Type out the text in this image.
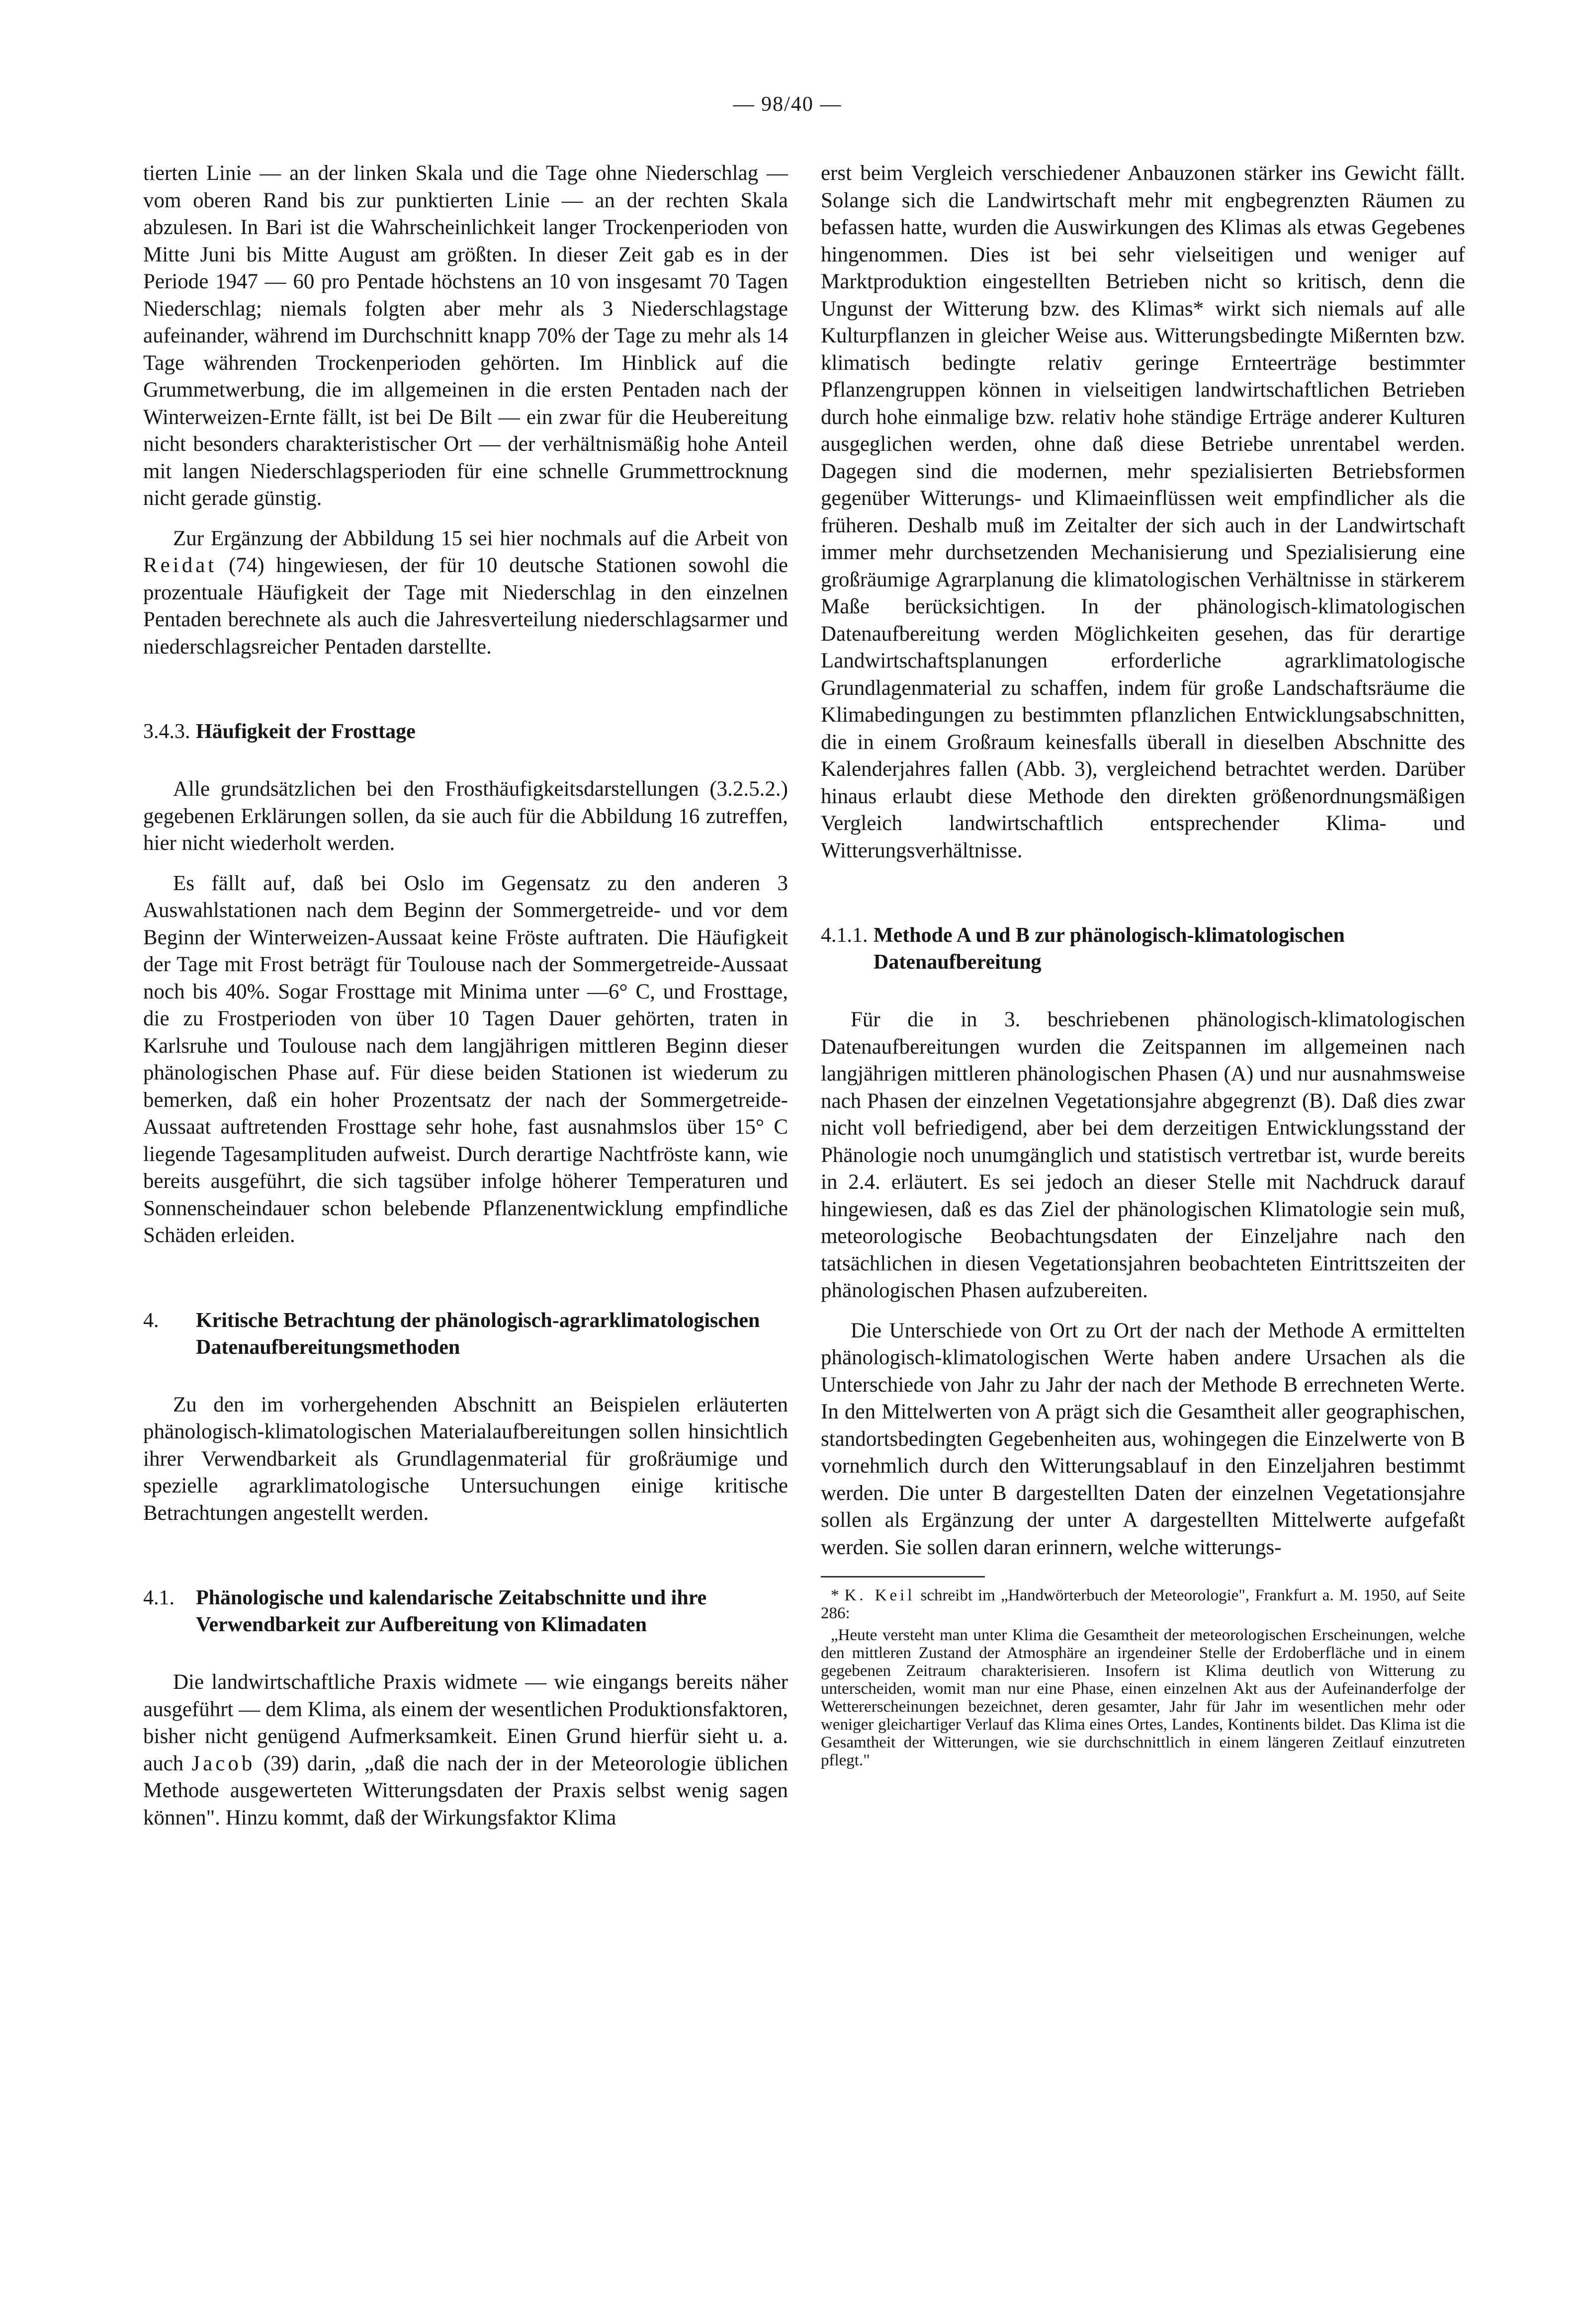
— 98/40 —

tierten Linie — an der linken Skala und die Tage ohne Niederschlag — vom oberen Rand bis zur punktierten Linie — an der rechten Skala abzulesen. In Bari ist die Wahrscheinlichkeit langer Trockenperioden von Mitte Juni bis Mitte August am größten. In dieser Zeit gab es in der Periode 1947 — 60 pro Pentade höchstens an 10 von insgesamt 70 Tagen Niederschlag; niemals folgten aber mehr als 3 Niederschlagstage aufeinander, während im Durchschnitt knapp 70% der Tage zu mehr als 14 Tage währenden Trockenperioden gehörten. Im Hinblick auf die Grummetwerbung, die im allgemeinen in die ersten Pentaden nach der Winterweizen-Ernte fällt, ist bei De Bilt — ein zwar für die Heubereitung nicht besonders charakteristischer Ort — der verhältnismäßig hohe Anteil mit langen Niederschlagsperioden für eine schnelle Grummettrocknung nicht gerade günstig.

Zur Ergänzung der Abbildung 15 sei hier nochmals auf die Arbeit von Reidat (74) hingewiesen, der für 10 deutsche Stationen sowohl die prozentuale Häufigkeit der Tage mit Niederschlag in den einzelnen Pentaden berechnete als auch die Jahresverteilung niederschlagsarmer und niederschlagsreicher Pentaden darstellte.

3.4.3. Häufigkeit der Frosttage

Alle grundsätzlichen bei den Frosthäufigkeitsdarstellungen (3.2.5.2.) gegebenen Erklärungen sollen, da sie auch für die Abbildung 16 zutreffen, hier nicht wiederholt werden.

Es fällt auf, daß bei Oslo im Gegensatz zu den anderen 3 Auswahlstationen nach dem Beginn der Sommergetreide- und vor dem Beginn der Winterweizen-Aussaat keine Fröste auftraten. Die Häufigkeit der Tage mit Frost beträgt für Toulouse nach der Sommergetreide-Aussaat noch bis 40%. Sogar Frosttage mit Minima unter —6° C, und Frosttage, die zu Frostperioden von über 10 Tagen Dauer gehörten, traten in Karlsruhe und Toulouse nach dem langjährigen mittleren Beginn dieser phänologischen Phase auf. Für diese beiden Stationen ist wiederum zu bemerken, daß ein hoher Prozentsatz der nach der Sommergetreide-Aussaat auftretenden Frosttage sehr hohe, fast ausnahmslos über 15° C liegende Tagesamplituden aufweist. Durch derartige Nachtfröste kann, wie bereits ausgeführt, die sich tagsüber infolge höherer Temperaturen und Sonnenscheindauer schon belebende Pflanzenentwicklung empfindliche Schäden erleiden.

4. Kritische Betrachtung der phänologisch-agrarklimatologischen Datenaufbereitungsmethoden

Zu den im vorhergehenden Abschnitt an Beispielen erläuterten phänologisch-klimatologischen Materialaufbereitungen sollen hinsichtlich ihrer Verwendbarkeit als Grundlagenmaterial für großräumige und spezielle agrarklimatologische Untersuchungen einige kritische Betrachtungen angestellt werden.

4.1. Phänologische und kalendarische Zeitabschnitte und ihre Verwendbarkeit zur Aufbereitung von Klimadaten

Die landwirtschaftliche Praxis widmete — wie eingangs bereits näher ausgeführt — dem Klima, als einem der wesentlichen Produktionsfaktoren, bisher nicht genügend Aufmerksamkeit. Einen Grund hierfür sieht u. a. auch Jacob (39) darin, „daß die nach der in der Meteorologie üblichen Methode ausgewerteten Witterungsdaten der Praxis selbst wenig sagen können". Hinzu kommt, daß der Wirkungsfaktor Klima

erst beim Vergleich verschiedener Anbauzonen stärker ins Gewicht fällt. Solange sich die Landwirtschaft mehr mit engbegrenzten Räumen zu befassen hatte, wurden die Auswirkungen des Klimas als etwas Gegebenes hingenommen. Dies ist bei sehr vielseitigen und weniger auf Marktproduktion eingestellten Betrieben nicht so kritisch, denn die Ungunst der Witterung bzw. des Klimas* wirkt sich niemals auf alle Kulturpflanzen in gleicher Weise aus. Witterungsbedingte Mißernten bzw. klimatisch bedingte relativ geringe Ernteerträge bestimmter Pflanzengruppen können in vielseitigen landwirtschaftlichen Betrieben durch hohe einmalige bzw. relativ hohe ständige Erträge anderer Kulturen ausgeglichen werden, ohne daß diese Betriebe unrentabel werden. Dagegen sind die modernen, mehr spezialisierten Betriebsformen gegenüber Witterungs- und Klimaeinflüssen weit empfindlicher als die früheren. Deshalb muß im Zeitalter der sich auch in der Landwirtschaft immer mehr durchsetzenden Mechanisierung und Spezialisierung eine großräumige Agrarplanung die klimatologischen Verhältnisse in stärkerem Maße berücksichtigen. In der phänologisch-klimatologischen Datenaufbereitung werden Möglichkeiten gesehen, das für derartige Landwirtschaftsplanungen erforderliche agrarklimatologische Grundlagenmaterial zu schaffen, indem für große Landschaftsräume die Klimabedingungen zu bestimmten pflanzlichen Entwicklungsabschnitten, die in einem Großraum keinesfalls überall in dieselben Abschnitte des Kalenderjahres fallen (Abb. 3), vergleichend betrachtet werden. Darüber hinaus erlaubt diese Methode den direkten größenordnungsmäßigen Vergleich landwirtschaftlich entsprechender Klima- und Witterungsverhältnisse.

4.1.1. Methode A und B zur phänologisch-klimatologischen Datenaufbereitung

Für die in 3. beschriebenen phänologisch-klimatologischen Datenaufbereitungen wurden die Zeitspannen im allgemeinen nach langjährigen mittleren phänologischen Phasen (A) und nur ausnahmsweise nach Phasen der einzelnen Vegetationsjahre abgegrenzt (B). Daß dies zwar nicht voll befriedigend, aber bei dem derzeitigen Entwicklungsstand der Phänologie noch unumgänglich und statistisch vertretbar ist, wurde bereits in 2.4. erläutert. Es sei jedoch an dieser Stelle mit Nachdruck darauf hingewiesen, daß es das Ziel der phänologischen Klimatologie sein muß, meteorologische Beobachtungsdaten der Einzeljahre nach den tatsächlichen in diesen Vegetationsjahren beobachteten Eintrittszeiten der phänologischen Phasen aufzubereiten.

Die Unterschiede von Ort zu Ort der nach der Methode A ermittelten phänologisch-klimatologischen Werte haben andere Ursachen als die Unterschiede von Jahr zu Jahr der nach der Methode B errechneten Werte. In den Mittelwerten von A prägt sich die Gesamtheit aller geographischen, standortsbedingten Gegebenheiten aus, wohingegen die Einzelwerte von B vornehmlich durch den Witterungsablauf in den Einzeljahren bestimmt werden. Die unter B dargestellten Daten der einzelnen Vegetationsjahre sollen als Ergänzung der unter A dargestellten Mittelwerte aufgefaßt werden. Sie sollen daran erinnern, welche witterungs-

* K. Keil schreibt im „Handwörterbuch der Meteorologie", Frankfurt a. M. 1950, auf Seite 286:

„Heute versteht man unter Klima die Gesamtheit der meteorologischen Erscheinungen, welche den mittleren Zustand der Atmosphäre an irgendeiner Stelle der Erdoberfläche und in einem gegebenen Zeitraum charakterisieren. Insofern ist Klima deutlich von Witterung zu unterscheiden, womit man nur eine Phase, einen einzelnen Akt aus der Aufeinanderfolge der Wettererscheinungen bezeichnet, deren gesamter, Jahr für Jahr im wesentlichen mehr oder weniger gleichartiger Verlauf das Klima eines Ortes, Landes, Kontinents bildet. Das Klima ist die Gesamtheit der Witterungen, wie sie durchschnittlich in einem längeren Zeitlauf einzutreten pflegt."
